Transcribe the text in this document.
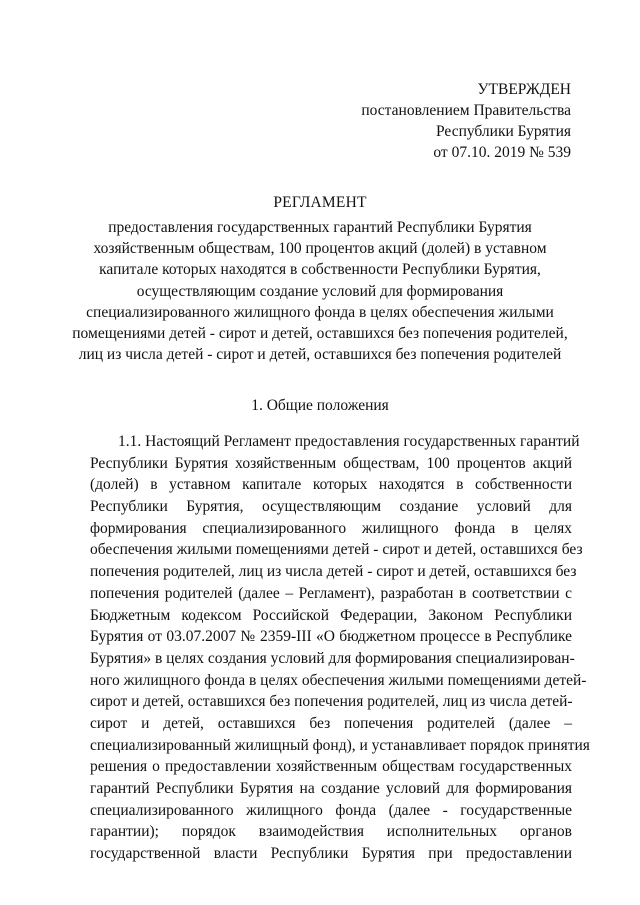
УТВЕРЖДЕН
постановлением Правительства
Республики Бурятия
от 07.10. 2019 № 539
РЕГЛАМЕНТ
предоставления государственных гарантий Республики Бурятия
хозяйственным обществам, 100 процентов акций (долей) в уставном
капитале которых находятся в собственности Республики Бурятия,
осуществляющим создание условий для формирования
специализированного жилищного фонда в целях обеспечения жилыми
помещениями детей - сирот и детей, оставшихся без попечения родителей,
лиц из числа детей - сирот и детей, оставшихся без попечения родителей
1. Общие положения
1.1. Настоящий Регламент предоставления государственных гарантий
Республики Бурятия хозяйственным обществам, 100 процентов акций
(долей) в уставном капитале которых находятся в собственности
Республики Бурятия, осуществляющим создание условий для
формирования специализированного жилищного фонда в целях
обеспечения жилыми помещениями детей - сирот и детей, оставшихся без
попечения родителей, лиц из числа детей - сирот и детей, оставшихся без
попечения родителей (далее – Регламент), разработан в соответствии с
Бюджетным кодексом Российской Федерации, Законом Республики
Бурятия от 03.07.2007 № 2359-III «О бюджетном процессе в Республике
Бурятия» в целях создания условий для формирования специализирован-
ного жилищного фонда в целях обеспечения жилыми помещениями детей-
сирот и детей, оставшихся без попечения родителей, лиц из числа детей-
сирот и детей, оставшихся без попечения родителей (далее –
специализированный жилищный фонд), и устанавливает порядок принятия
решения о предоставлении хозяйственным обществам государственных
гарантий Республики Бурятия на создание условий для формирования
специализированного жилищного фонда (далее - государственные
гарантии); порядок взаимодействия исполнительных органов
государственной власти Республики Бурятия при предоставлении
